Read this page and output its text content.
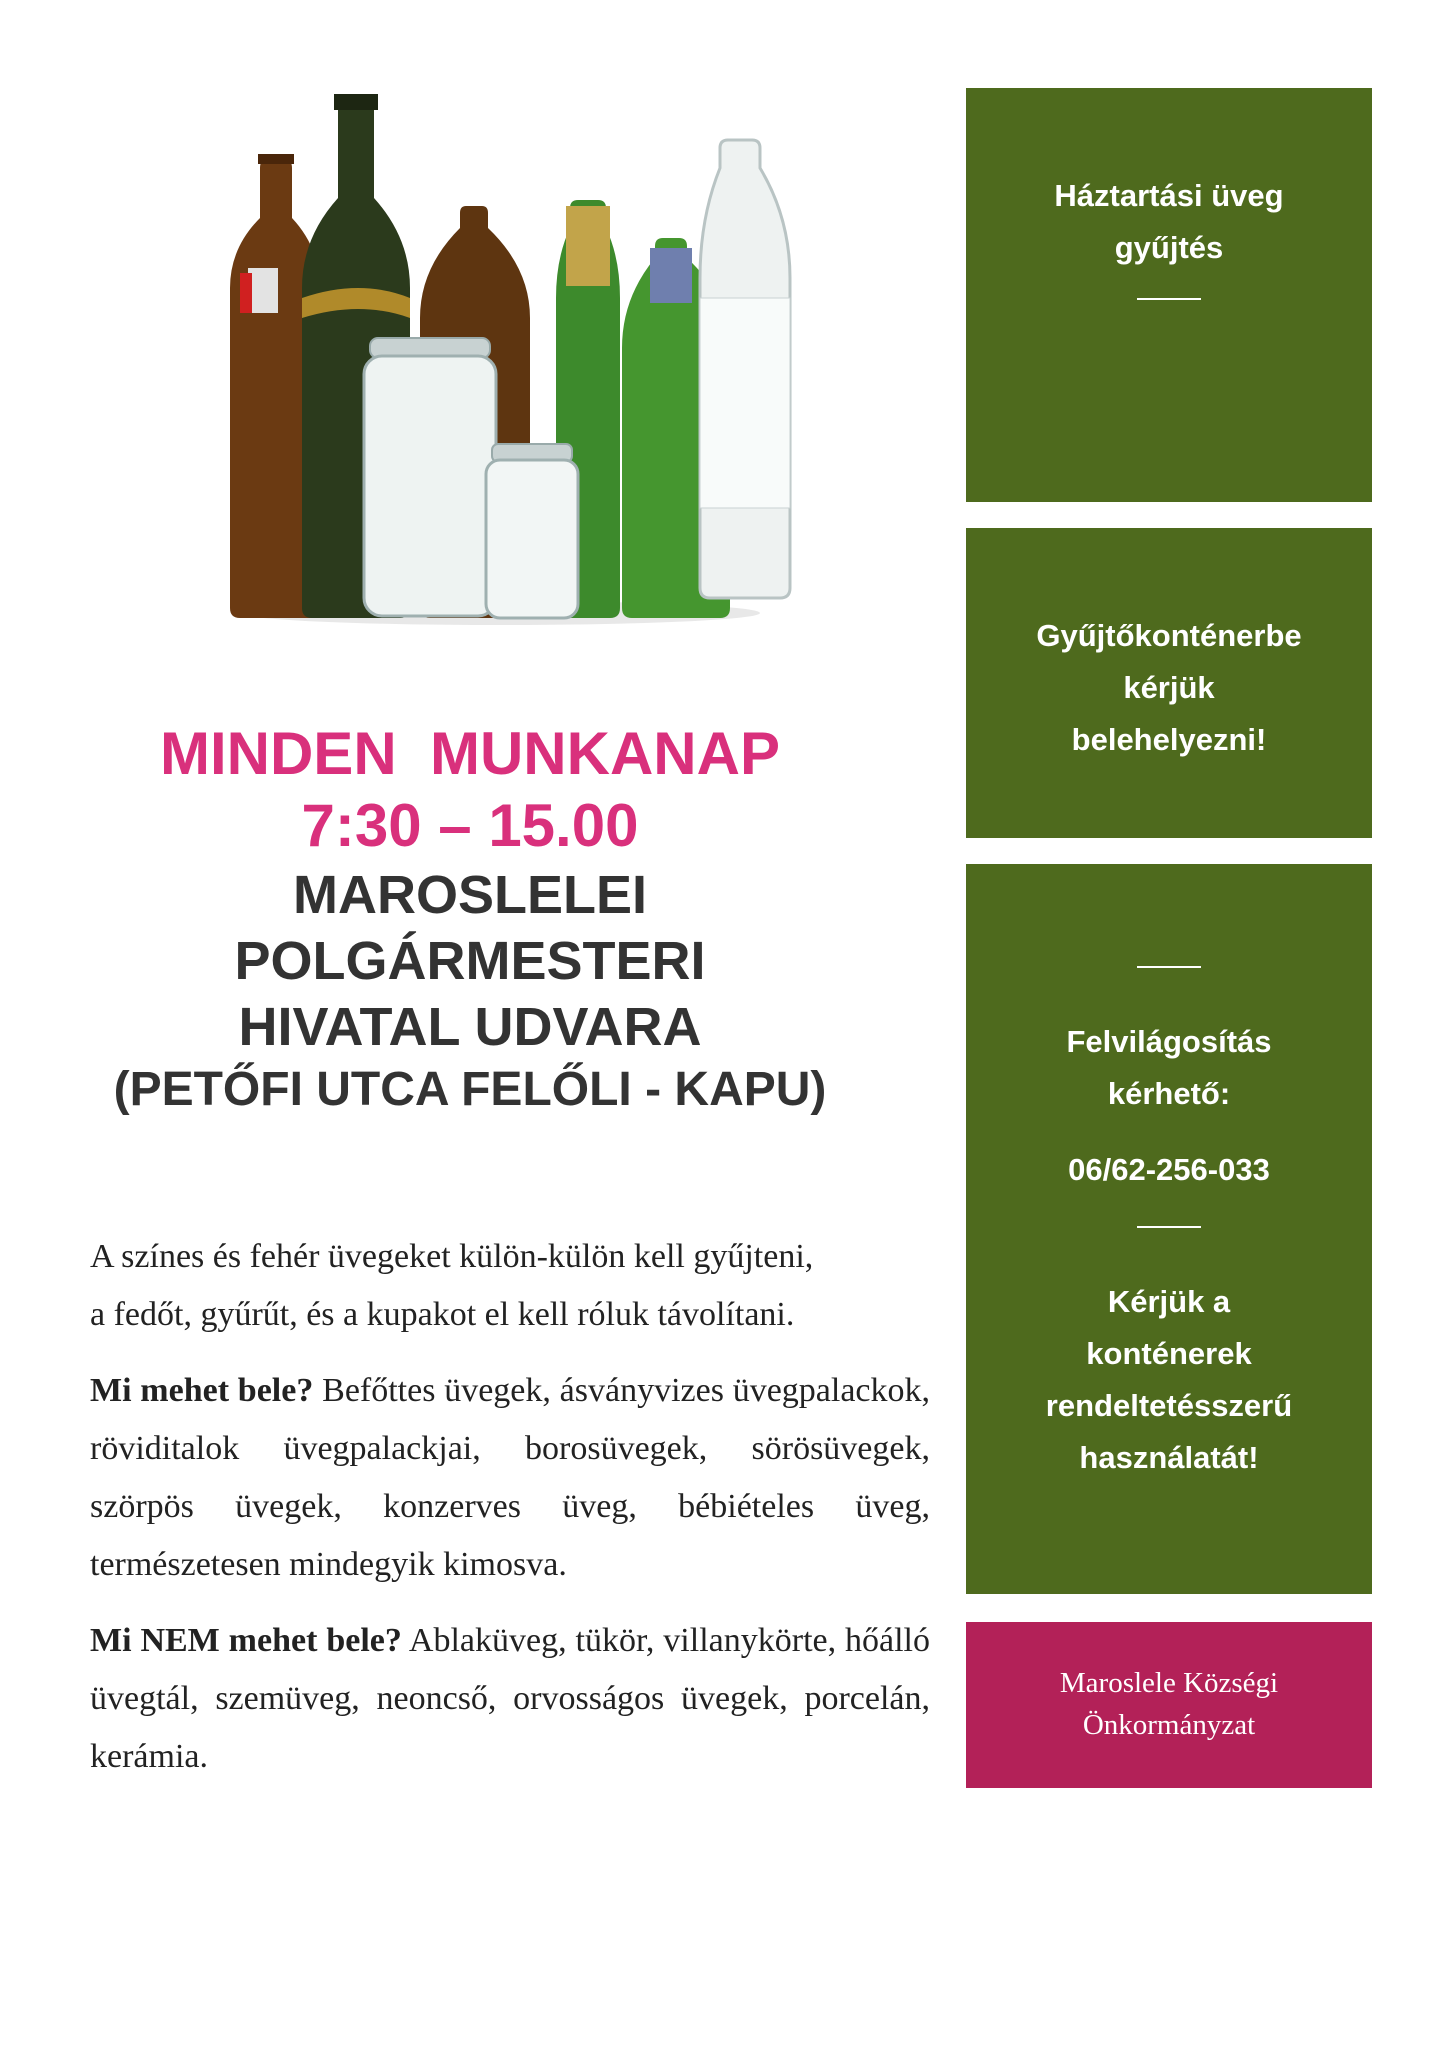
MINDEN  MUNKANAP
7:30 – 15.00
MAROSLELEI
POLGÁRMESTERI
HIVATAL UDVARA
(PETŐFI UTCA FELŐLI - KAPU)

A színes és fehér üvegeket külön-külön kell gyűjteni,

a fedőt, gyűrűt, és a kupakot el kell róluk távolítani.

Mi mehet bele? Befőttes üvegek, ásványvizes üvegpalackok, röviditalok üvegpalackjai, borosüvegek, sörösüvegek, szörpös üvegek, konzerves üveg, bébiételes üveg, természetesen mindegyik kimosva.

Mi NEM mehet bele? Ablaküveg, tükör, villanykörte, hőálló üvegtál, szemüveg, neoncső, orvosságos üvegek, porcelán, kerámia.

Háztartási üveg
gyűjtés
Gyűjtőkonténerbe
kérjük
belehelyezni!
Felvilágosítás
kérhető:
06/62-256-033
Kérjük a
konténerek
rendeltetésszerű
használatát!
Maroslele Községi
Önkormányzat
